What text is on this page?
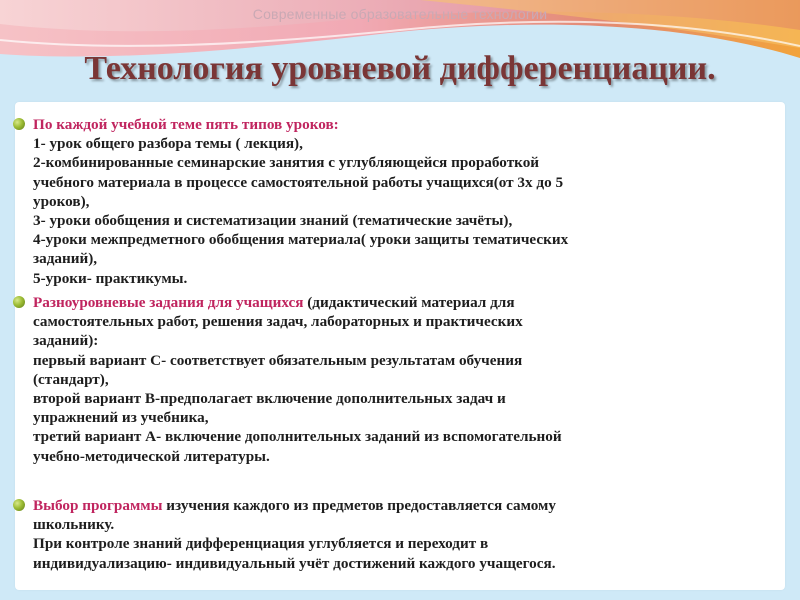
Современные образовательные технологии
Технология уровневой дифференциации.
По каждой учебной теме пять типов уроков:
1- урок общего разбора темы ( лекция),
2-комбинированные семинарские занятия с углубляющейся проработкой
учебного материала в процессе самостоятельной работы учащихся(от 3х до 5
уроков),
3- уроки обобщения и систематизации знаний (тематические зачёты),
4-уроки межпредметного обобщения материала( уроки защиты тематических
заданий),
5-уроки- практикумы.
Разноуровневые задания для учащихся (дидактический материал для
самостоятельных работ, решения задач, лабораторных и практических
заданий):
первый вариант С- соответствует обязательным результатам обучения
(стандарт),
второй вариант В-предполагает включение дополнительных задач и
упражнений из учебника,
третий вариант А- включение дополнительных заданий из вспомогательной
учебно-методической литературы.
Выбор программы изучения каждого из предметов предоставляется самому
школьнику.
При контроле знаний дифференциация углубляется и переходит в
индивидуализацию- индивидуальный учёт достижений каждого учащегося.
